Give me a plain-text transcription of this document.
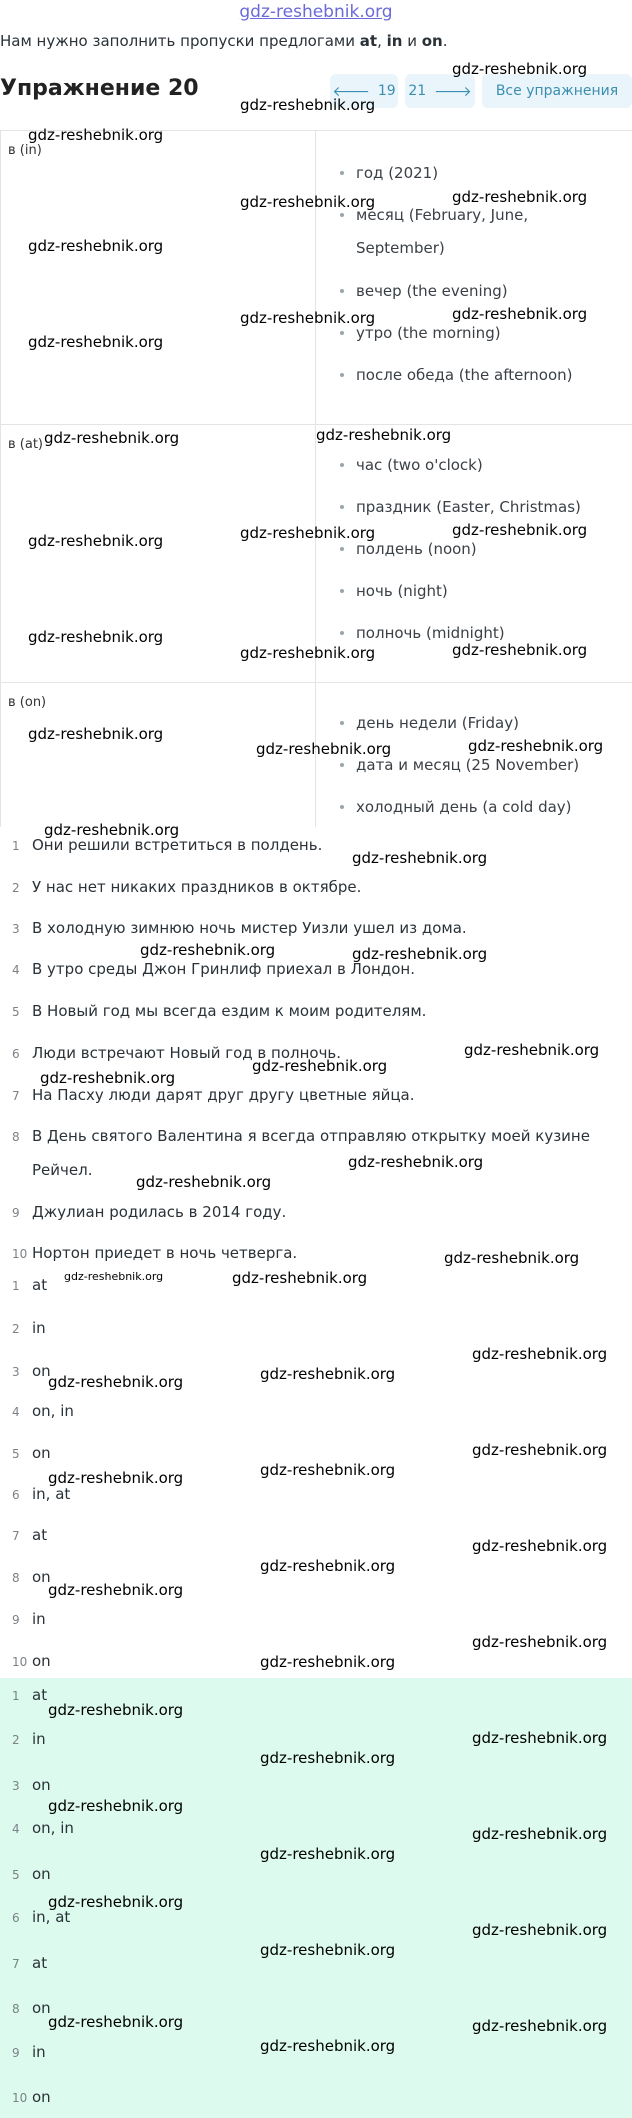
gdz-reshebnik.org
Нам нужно заполнить пропуски предлогами at, in и on.
Упражнение 20	🡐 19 21 🡒 Все упражнения
в (in)
год (2021)
месяц (February, June, September)
вечер (the evening)
утро (the morning)
после обеда (the afternoon)
в (at)
час (two o'clock)
праздник (Easter, Christmas)
полдень (noon)
ночь (night)
полночь (midnight)
в (on)
день недели (Friday)
дата и месяц (25 November)
холодный день (a cold day)
1 Они решили встретиться в полдень.
2 У нас нет никаких праздников в октябре.
3 В холодную зимнюю ночь мистер Уизли ушел из дома.
4 В утро среды Джон Гринлиф приехал в Лондон.
5 В Новый год мы всегда ездим к моим родителям.
6 Люди встречают Новый год в полночь.
7 На Пасху люди дарят друг другу цветные яйца.
8 В День святого Валентина я всегда отправляю открытку моей кузине Рейчел.
9 Джулиан родилась в 2014 году.
10 Нортон приедет в ночь четверга.
1 at
2 in
3 on
4 on, in
5 on
6 in, at
7 at
8 on
9 in
10 on
1 at
2 in
3 on
4 on, in
5 on
6 in, at
7 at
8 on
9 in
10 on
gdz-reshebnik.org
gdz-reshebnik.org
gdz-reshebnik.org
gdz-reshebnik.org	gdz-reshebnik.org
gdz-reshebnik.org
gdz-reshebnik.org	gdz-reshebnik.org
gdz-reshebnik.org
gdz-reshebnik.org	gdz-reshebnik.org
gdz-reshebnik.org	gdz-reshebnik.org	gdz-reshebnik.org
gdz-reshebnik.org
gdz-reshebnik.org	gdz-reshebnik.org
gdz-reshebnik.org
gdz-reshebnik.org	gdz-reshebnik.org
gdz-reshebnik.org
gdz-reshebnik.org
gdz-reshebnik.org	gdz-reshebnik.org
gdz-reshebnik.org
gdz-reshebnik.org
gdz-reshebnik.org
gdz-reshebnik.org
gdz-reshebnik.org
gdz-reshebnik.org
gdz-reshebnik.org	gdz-reshebnik.org
gdz-reshebnik.org
gdz-reshebnik.org
gdz-reshebnik.org
gdz-reshebnik.org
gdz-reshebnik.org
gdz-reshebnik.org
gdz-reshebnik.org
gdz-reshebnik.org
gdz-reshebnik.org
gdz-reshebnik.org
gdz-reshebnik.org
gdz-reshebnik.org
gdz-reshebnik.org
gdz-reshebnik.org
gdz-reshebnik.org
gdz-reshebnik.org
gdz-reshebnik.org
gdz-reshebnik.org
gdz-reshebnik.org
gdz-reshebnik.org
gdz-reshebnik.org	gdz-reshebnik.org
gdz-reshebnik.org
